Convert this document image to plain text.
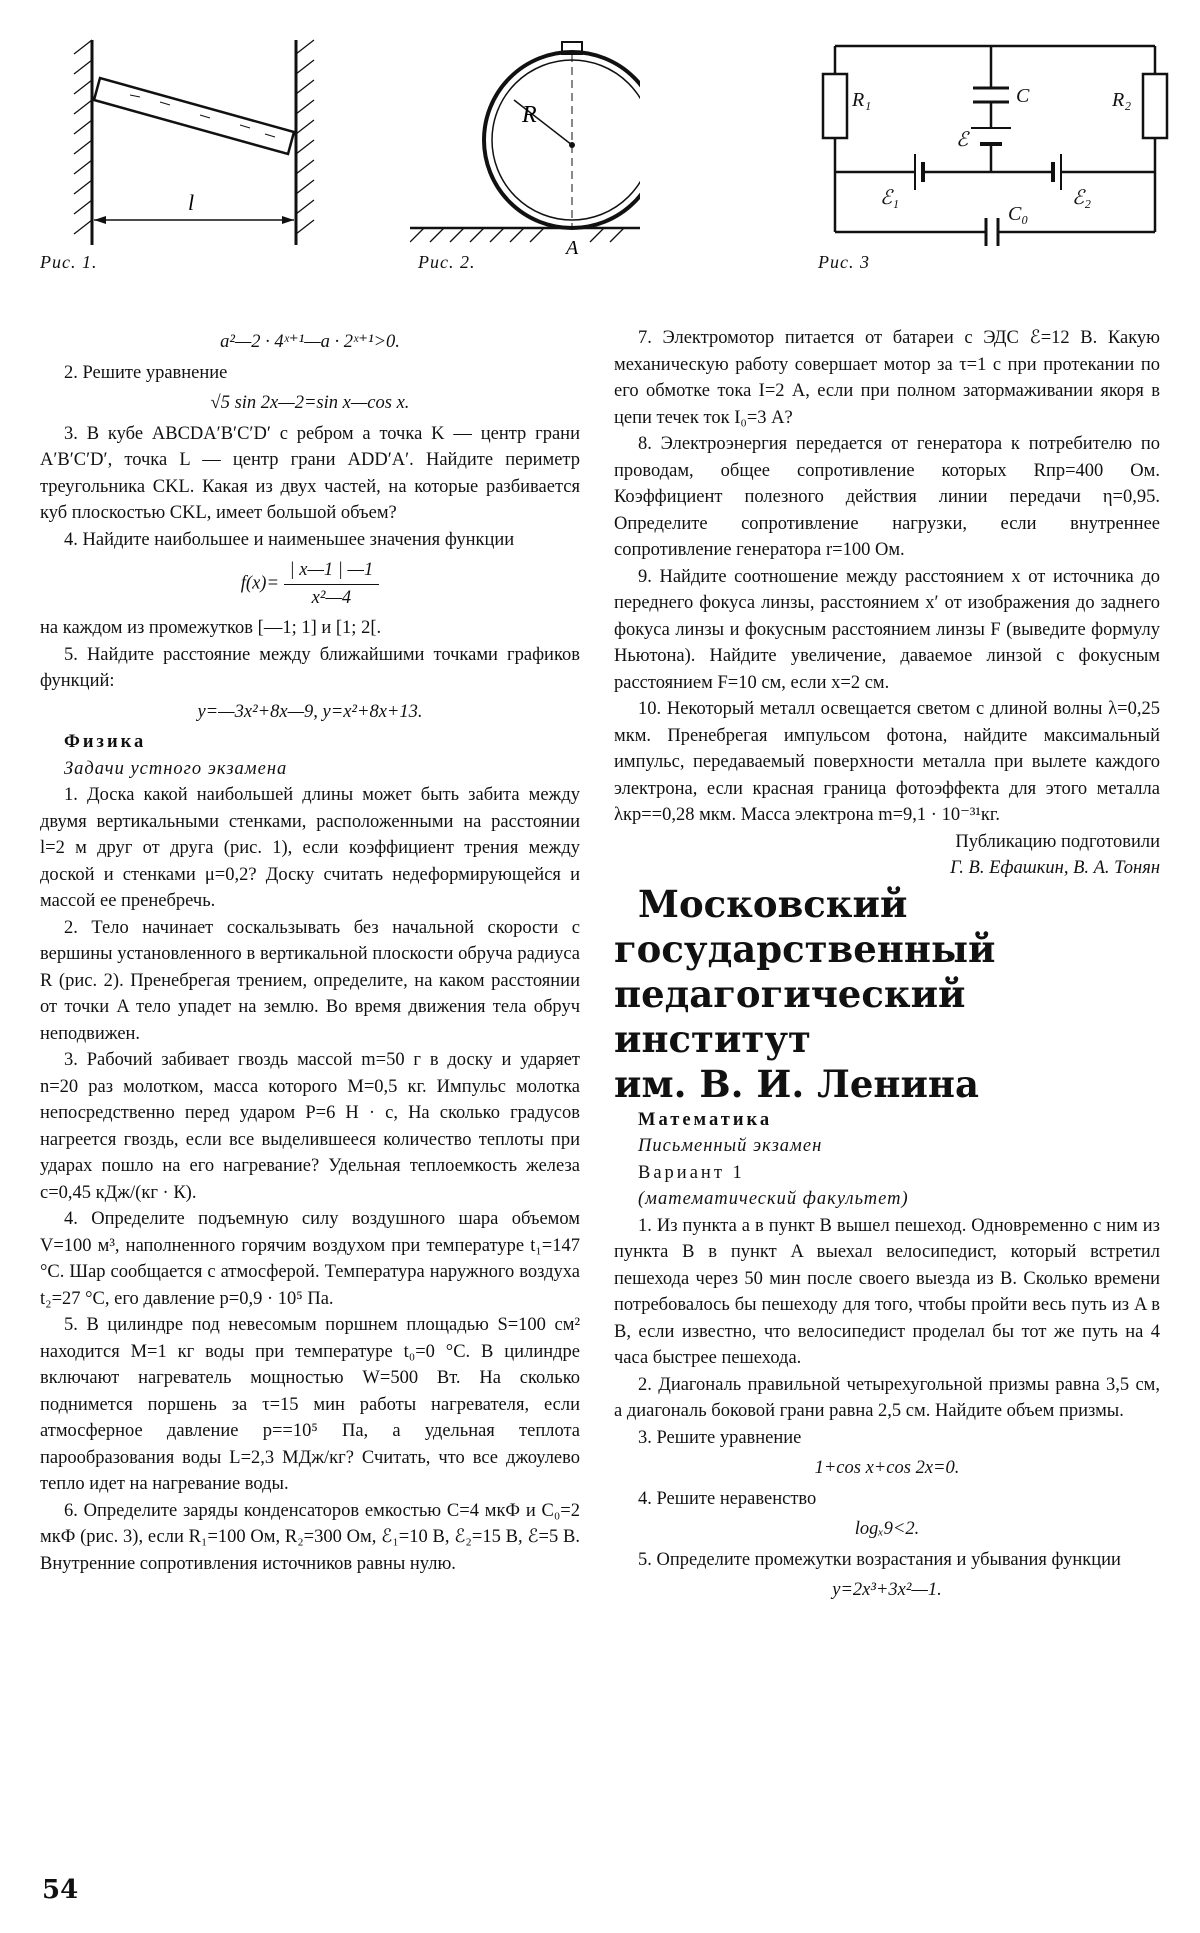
l
Рис. 1.
R
A
Рис. 2.
R₁	R₂
C
ℰ
ℰ₁	ℰ₂
C₀
Рис. 3

a²—2 · 4ˣ⁺¹—a · 2ˣ⁺¹>0.

2. Решите уравнение

√5 sin 2x—2=sin x—cos x.

3. В кубе ABCDA′B′C′D′ с ребром a точка K — центр грани A′B′C′D′, точка L — центр грани ADD′A′. Найдите периметр треугольника CKL. Какая из двух частей, на которые разбивается куб плоскостью CKL, имеет большой объем?

4. Найдите наибольшее и наименьшее значения функции

$f(x)= \frac{| x—1 | —1}{\text{x²—4}}$

на каждом из промежутков [—1; 1] и [1; 2[.

5. Найдите расстояние между ближайшими точками графиков функций:

y=—3x²+8x—9, y=x²+8x+13.

Физика

Задачи устного экзамена

1. Доска какой наибольшей длины может быть забита между двумя вертикальными стенками, расположенными на расстоянии l=2 м друг от друга (рис. 1), если коэффициент трения между доской и стенками μ=0,2? Доску считать недеформирующейся и массой ее пренебречь.

2. Тело начинает соскальзывать без начальной скорости с вершины установленного в вертикальной плоскости обруча радиуса R (рис. 2). Пренебрегая трением, определите, на каком расстоянии от точки A тело упадет на землю. Во время движения тела обруч неподвижен.

3. Рабочий забивает гвоздь массой m=50 г в доску и ударяет n=20 раз молотком, масса которого M=0,5 кг. Импульс молотка непосредственно перед ударом P=6 Н · с, На сколько градусов нагреется гвоздь, если все выделившееся количество теплоты при ударах пошло на его нагревание? Удельная теплоемкость железа c=0,45 кДж/(кг · К).

4. Определите подъемную силу воздушного шара объемом V=100 м³, наполненного горячим воздухом при температуре t₁=147 °C. Шар сообщается с атмосферой. Температура наружного воздуха t₂=27 °C, его давление p=0,9 · 10⁵ Па.

5. В цилиндре под невесомым поршнем площадью S=100 см² находится M=1 кг воды при температуре t₀=0 °C. В цилиндре включают нагреватель мощностью W=500 Вт. На сколько поднимется поршень за τ=15 мин работы нагревателя, если атмосферное давление p==10⁵ Па, а удельная теплота парообразования воды L=2,3 МДж/кг? Считать, что все джоулево тепло идет на нагревание воды.

6. Определите заряды конденсаторов емкостью C=4 мкФ и C₀=2 мкФ (рис. 3), если R₁=100 Ом, R₂=300 Ом, ℰ₁=10 В, ℰ₂=15 В, ℰ=5 В. Внутренние сопротивления источников равны нулю.

7. Электромотор питается от батареи с ЭДС ℰ=12 В. Какую механическую работу совершает мотор за τ=1 с при протекании по его обмотке тока I=2 А, если при полном затормаживании якоря в цепи течек ток I₀=3 А?

8. Электроэнергия передается от генератора к потребителю по проводам, общее сопротивление которых Rпр=400 Ом. Коэффициент полезного действия линии передачи η=0,95. Определите сопротивление нагрузки, если внутреннее сопротивление генератора r=100 Ом.

9. Найдите соотношение между расстоянием x от источника до переднего фокуса линзы, расстоянием x′ от изображения до заднего фокуса линзы и фокусным расстоянием линзы F (выведите формулу Ньютона). Найдите увеличение, даваемое линзой с фокусным расстоянием F=10 см, если x=2 см.

10. Некоторый металл освещается светом с длиной волны λ=0,25 мкм. Пренебрегая импульсом фотона, найдите максимальный импульс, передаваемый поверхности металла при вылете каждого электрона, если красная граница фотоэффекта для этого металла λкр==0,28 мкм. Масса электрона m=9,1 · 10⁻³¹кг.

Публикацию подготовили

Г. В. Ефашкин, В. А. Тонян

Московский
государственный
педагогический
институт
им. В. И. Ленина

Математика

Письменный экзамен

Вариант 1

(математический факультет)

1. Из пункта a в пункт B вышел пешеход. Одновременно с ним из пункта B в пункт A выехал велосипедист, который встретил пешехода через 50 мин после своего выезда из B. Сколько времени потребовалось бы пешеходу для того, чтобы пройти весь путь из A в B, если известно, что велосипедист проделал бы тот же путь на 4 часа быстрее пешехода.

2. Диагональ правильной четырехугольной призмы равна 3,5 см, а диагональ боковой грани равна 2,5 см. Найдите объем призмы.

3. Решите уравнение

1+cos x+cos 2x=0.

4. Решите неравенство

logₓ9<2.

5. Определите промежутки возрастания и убывания функции

y=2x³+3x²—1.

54
